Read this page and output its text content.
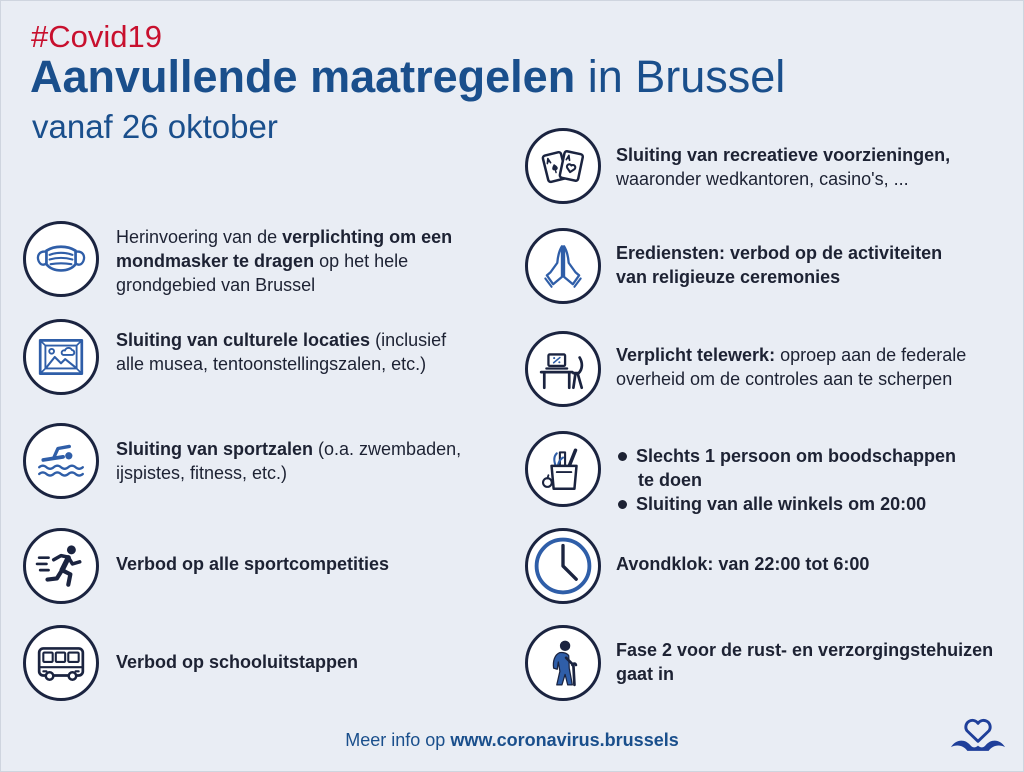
#Covid19
Aanvullende maatregelen in Brussel
vanaf 26 oktober
Herinvoering van de verplichting om een
mondmasker te dragen op het hele
grondgebied van Brussel
Sluiting van culturele locaties (inclusief
alle musea, tentoonstellingszalen, etc.)
Sluiting van sportzalen (o.a. zwembaden,
ijspistes, fitness, etc.)
Verbod op alle sportcompetities
Verbod op schooluitstappen
Sluiting van recreatieve voorzieningen,
waaronder wedkantoren, casino's, ...
Erediensten: verbod op de activiteiten
van religieuze ceremonies
Verplicht telewerk: oproep aan de federale
overheid om de controles aan te scherpen
Slechts 1 persoon om boodschappen
te doen
Sluiting van alle winkels om 20:00
Avondklok: van 22:00 tot 6:00
Fase 2 voor de rust- en verzorgingstehuizen
gaat in
Meer info op www.coronavirus.brussels
